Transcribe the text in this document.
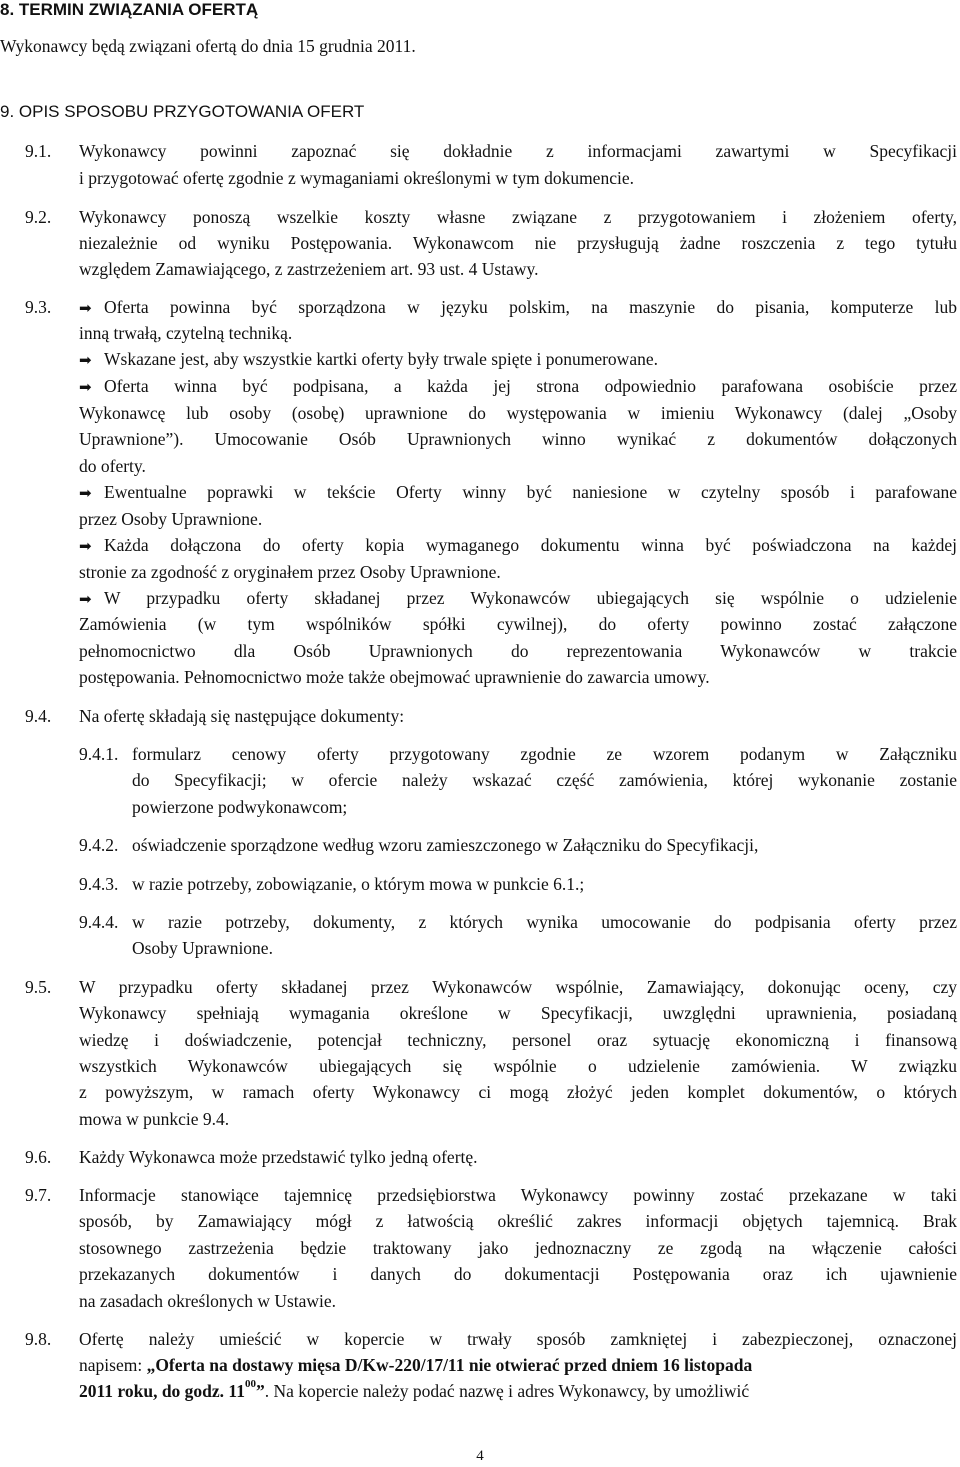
8. TERMIN ZWIĄZANIA OFERTĄ
Wykonawcy będą związani ofertą do dnia 15 grudnia 2011.
9. OPIS SPOSOBU PRZYGOTOWANIA OFERT
9.1. Wykonawcy powinni zapoznać się dokładnie z informacjami zawartymi w Specyfikacji
i przygotować ofertę zgodnie z wymaganiami określonymi w tym dokumencie.
9.2. Wykonawcy ponoszą wszelkie koszty własne związane z przygotowaniem i złożeniem oferty,
niezależnie od wyniku Postępowania. Wykonawcom nie przysługują żadne roszczenia z tego tytułu
względem Zamawiającego, z zastrzeżeniem art. 93 ust. 4 Ustawy.
9.3. ➡ Oferta powinna być sporządzona w języku polskim, na maszynie do pisania, komputerze lub
inną trwałą, czytelną techniką.
➡ Wskazane jest, aby wszystkie kartki oferty były trwale spięte i ponumerowane.
➡ Oferta winna być podpisana, a każda jej strona odpowiednio parafowana osobiście przez
Wykonawcę lub osoby (osobę) uprawnione do występowania w imieniu Wykonawcy (dalej „Osoby
Uprawnione”). Umocowanie Osób Uprawnionych winno wynikać z dokumentów dołączonych
do oferty.
➡ Ewentualne poprawki w tekście Oferty winny być naniesione w czytelny sposób i parafowane
przez Osoby Uprawnione.
➡ Każda dołączona do oferty kopia wymaganego dokumentu winna być poświadczona na każdej
stronie za zgodność z oryginałem przez Osoby Uprawnione.
➡ W przypadku oferty składanej przez Wykonawców ubiegających się wspólnie o udzielenie
Zamówienia (w tym wspólników spółki cywilnej), do oferty powinno zostać załączone
pełnomocnictwo dla Osób Uprawnionych do reprezentowania Wykonawców w trakcie
postępowania. Pełnomocnictwo może także obejmować uprawnienie do zawarcia umowy.
9.4. Na ofertę składają się następujące dokumenty:
9.4.1. formularz cenowy oferty przygotowany zgodnie ze wzorem podanym w Załączniku
do Specyfikacji; w ofercie należy wskazać część zamówienia, której wykonanie zostanie
powierzone podwykonawcom;
9.4.2. oświadczenie sporządzone według wzoru zamieszczonego w Załączniku do Specyfikacji,
9.4.3. w razie potrzeby, zobowiązanie, o którym mowa w punkcie 6.1.;
9.4.4. w razie potrzeby, dokumenty, z których wynika umocowanie do podpisania oferty przez
Osoby Uprawnione.
9.5. W przypadku oferty składanej przez Wykonawców wspólnie, Zamawiający, dokonując oceny, czy
Wykonawcy spełniają wymagania określone w Specyfikacji, uwzględni uprawnienia, posiadaną
wiedzę i doświadczenie, potencjał techniczny, personel oraz sytuację ekonomiczną i finansową
wszystkich Wykonawców ubiegających się wspólnie o udzielenie zamówienia. W związku
z powyższym, w ramach oferty Wykonawcy ci mogą złożyć jeden komplet dokumentów, o których
mowa w punkcie 9.4.
9.6. Każdy Wykonawca może przedstawić tylko jedną ofertę.
9.7. Informacje stanowiące tajemnicę przedsiębiorstwa Wykonawcy powinny zostać przekazane w taki
sposób, by Zamawiający mógł z łatwością określić zakres informacji objętych tajemnicą. Brak
stosownego zastrzeżenia będzie traktowany jako jednoznaczny ze zgodą na włączenie całości
przekazanych dokumentów i danych do dokumentacji Postępowania oraz ich ujawnienie
na zasadach określonych w Ustawie.
9.8. Ofertę należy umieścić w kopercie w trwały sposób zamkniętej i zabezpieczonej, oznaczonej
napisem: „Oferta na dostawy mięsa D/Kw-220/17/11 nie otwierać przed dniem 16 listopada
2011 roku, do godz. $11^{00}$”. Na kopercie należy podać nazwę i adres Wykonawcy, by umożliwić
4
